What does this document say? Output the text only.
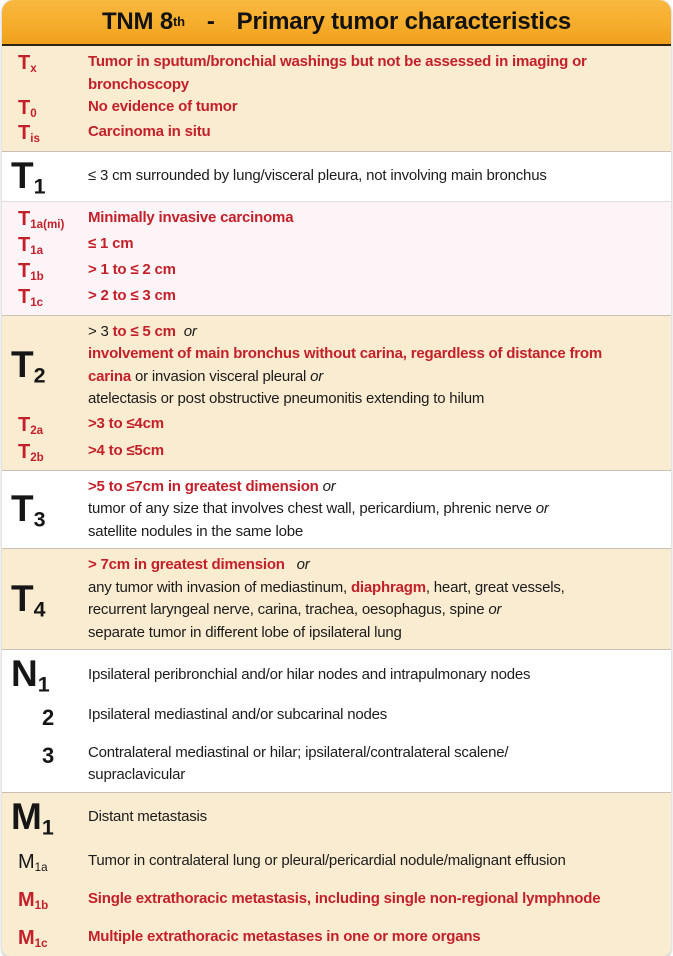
TNM 8 th - Primary tumor characteristics
$T_x$	Tumor in sputum/bronchial washings but not be assessed in imaging or
bronchoscopy
$T_0$	No evidence of tumor
$T_{is}$	Carcinoma in situ
$T_1$	≤ 3 cm surrounded by lung/visceral pleura, not involving main bronchus
$T_{1a(mi)}$	Minimally invasive carcinoma
$T_{1a}$	≤ 1 cm
$T_{1b}$	> 1 to ≤ 2 cm
$T_{1c}$	> 2 to ≤ 3 cm
$T_2$
> 3 to ≤ 5 cm or
involvement of main bronchus without carina, regardless of distance from
carina or invasion visceral pleural or
atelectasis or post obstructive pneumonitis extending to hilum
$T_{2a}$	>3 to ≤4cm
$T_{2b}$	>4 to ≤5cm
$T_3$
>5 to ≤7cm in greatest dimension or
tumor of any size that involves chest wall, pericardium, phrenic nerve or
satellite nodules in the same lobe
$T_4$
> 7cm in greatest dimension or
any tumor with invasion of mediastinum, diaphragm, heart, great vessels,
recurrent laryngeal nerve, carina, trachea, oesophagus, spine or
separate tumor in different lobe of ipsilateral lung
$N_1$	Ipsilateral peribronchial and/or hilar nodes and intrapulmonary nodes
2	Ipsilateral mediastinal and/or subcarinal nodes
3	Contralateral mediastinal or hilar; ipsilateral/contralateral scalene/
supraclavicular
$M_1$	Distant metastasis
$M_{1a}$	Tumor in contralateral lung or pleural/pericardial nodule/malignant effusion
$M_{1b}$	Single extrathoracic metastasis, including single non-regional lymphnode
$M_{1c}$	Multiple extrathoracic metastases in one or more organs
